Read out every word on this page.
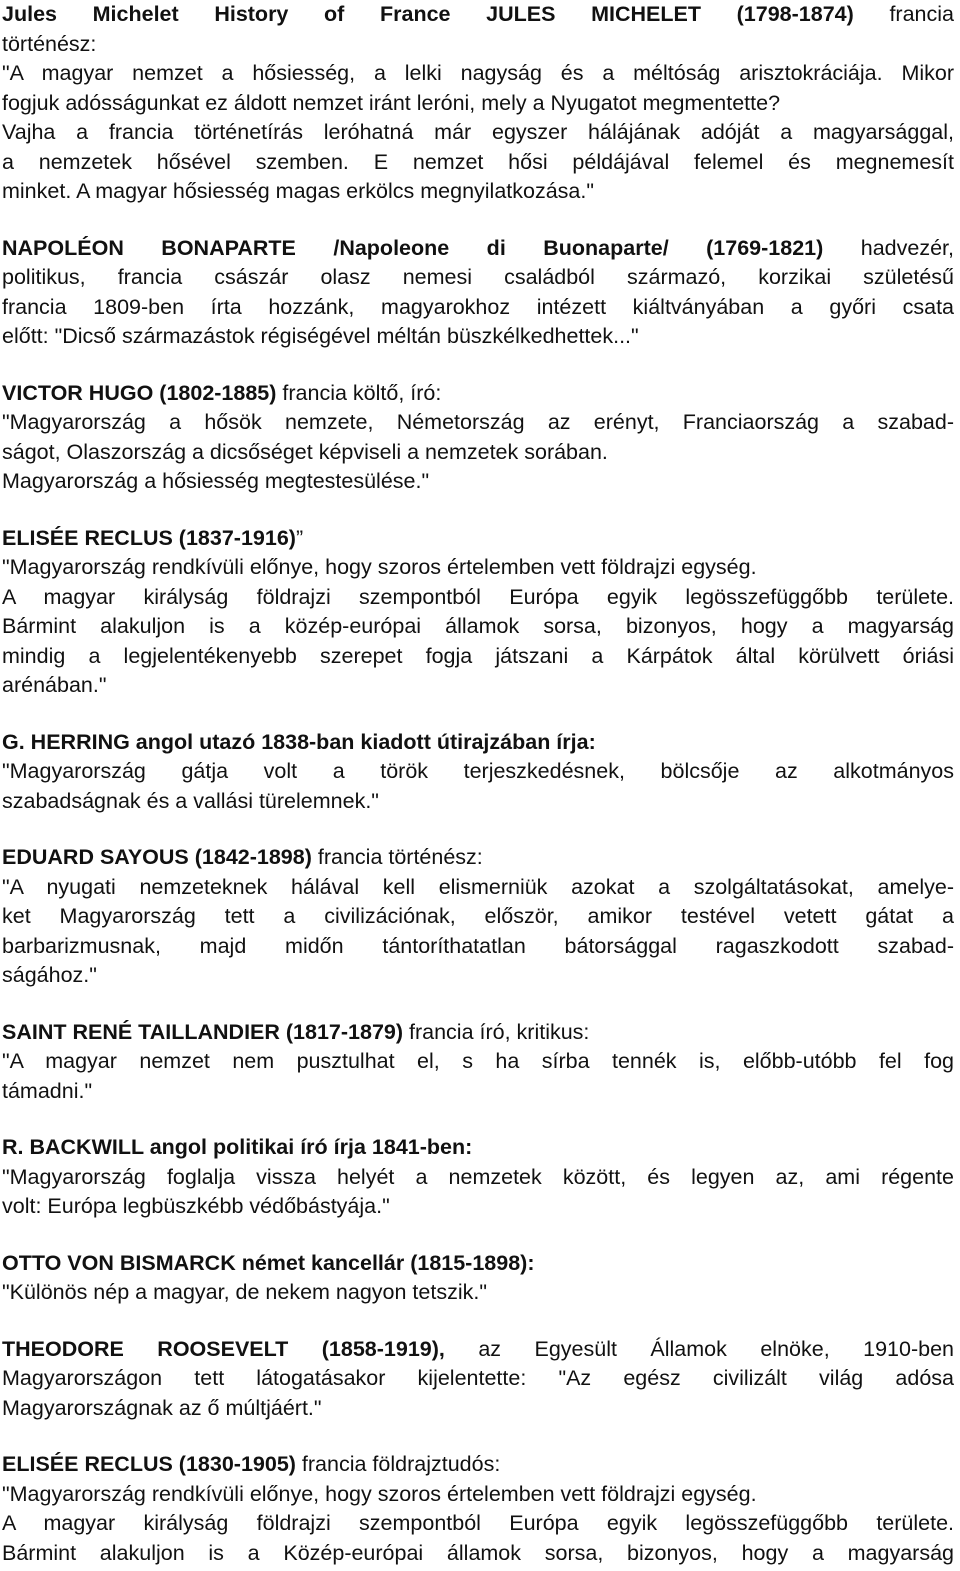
Jules Michelet History of France JULES MICHELET (1798-1874) francia
történész:
"A magyar nemzet a hősiesség, a lelki nagyság és a méltóság arisztokráciája. Mikor
fogjuk adósságunkat ez áldott nemzet iránt leróni, mely a Nyugatot megmentette?
Vajha a francia történetírás leróhatná már egyszer hálájának adóját a magyarsággal,
a nemzetek hősével szemben. E nemzet hősi példájával felemel és megnemesít
minket. A magyar hősiesség magas erkölcs megnyilatkozása."

NAPOLÉON BONAPARTE /Napoleone di Buonaparte/ (1769-1821) hadvezér,
politikus, francia császár olasz nemesi családból származó, korzikai születésű
francia 1809-ben írta hozzánk, magyarokhoz intézett kiáltványában a győri csata
előtt: "Dicső származástok régiségével méltán büszkélkedhettek..."

VICTOR HUGO (1802-1885) francia költő, író:
"Magyarország a hősök nemzete, Németország az erényt, Franciaország a szabad-
ságot, Olaszország a dicsőséget képviseli a nemzetek sorában.
Magyarország a hősiesség megtestesülése."

ELISÉE RECLUS (1837-1916)”
"Magyarország rendkívüli előnye, hogy szoros értelemben vett földrajzi egység.
A magyar királyság földrajzi szempontból Európa egyik legösszefüggőbb területe.
Bármint alakuljon is a közép-európai államok sorsa, bizonyos, hogy a magyarság
mindig a legjelentékenyebb szerepet fogja játszani a Kárpátok által körülvett óriási
arénában."

G. HERRING angol utazó 1838-ban kiadott útirajzában írja:
"Magyarország gátja volt a török terjeszkedésnek, bölcsője az alkotmányos
szabadságnak és a vallási türelemnek."

EDUARD SAYOUS (1842-1898) francia történész:
"A nyugati nemzeteknek hálával kell elismerniük azokat a szolgáltatásokat, amelye-
ket Magyarország tett a civilizációnak, először, amikor testével vetett gátat a
barbarizmusnak, majd midőn tántoríthatatlan bátorsággal ragaszkodott szabad-
ságához."

SAINT RENÉ TAILLANDIER (1817-1879) francia író, kritikus:
"A magyar nemzet nem pusztulhat el, s ha sírba tennék is, előbb-utóbb fel fog
támadni."

R. BACKWILL angol politikai író írja 1841-ben:
"Magyarország foglalja vissza helyét a nemzetek között, és legyen az, ami régente
volt: Európa legbüszkébb védőbástyája."

OTTO VON BISMARCK német kancellár (1815-1898):
"Különös nép a magyar, de nekem nagyon tetszik."

THEODORE ROOSEVELT (1858-1919), az Egyesült Államok elnöke, 1910-ben
Magyarországon tett látogatásakor kijelentette: "Az egész civilizált világ adósa
Magyarországnak az ő múltjáért."

ELISÉE RECLUS (1830-1905) francia földrajztudós:
"Magyarország rendkívüli előnye, hogy szoros értelemben vett földrajzi egység.
A magyar királyság földrajzi szempontból Európa egyik legösszefüggőbb területe.
Bármint alakuljon is a Közép-európai államok sorsa, bizonyos, hogy a magyarság
